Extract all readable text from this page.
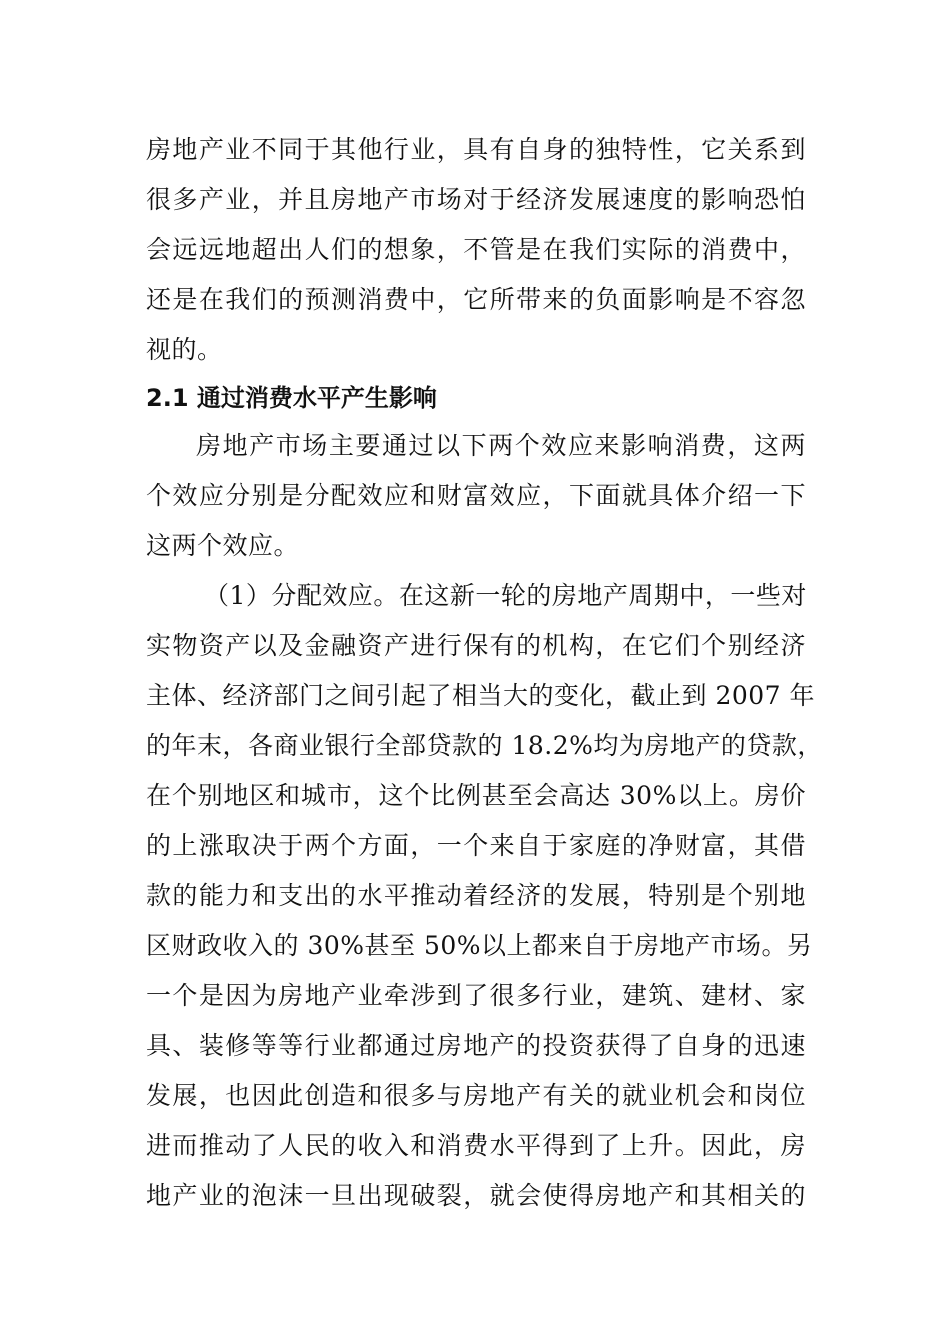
房地产业不同于其他行业，具有自身的独特性，它关系到
很多产业，并且房地产市场对于经济发展速度的影响恐怕
会远远地超出人们的想象，不管是在我们实际的消费中，
还是在我们的预测消费中，它所带来的负面影响是不容忽
视的。
2.1 通过消费水平产生影响
房地产市场主要通过以下两个效应来影响消费，这两
个效应分别是分配效应和财富效应，下面就具体介绍一下
这两个效应。
（1）分配效应。在这新一轮的房地产周期中，一些对
实物资产以及金融资产进行保有的机构，在它们个别经济
主体、经济部门之间引起了相当大的变化，截止到 2007 年
的年末，各商业银行全部贷款的 18.2%均为房地产的贷款，
在个别地区和城市，这个比例甚至会高达 30%以上。房价
的上涨取决于两个方面，一个来自于家庭的净财富，其借
款的能力和支出的水平推动着经济的发展，特别是个别地
区财政收入的 30%甚至 50%以上都来自于房地产市场。另
一个是因为房地产业牵涉到了很多行业，建筑、建材、家
具、装修等等行业都通过房地产的投资获得了自身的迅速
发展，也因此创造和很多与房地产有关的就业机会和岗位
进而推动了人民的收入和消费水平得到了上升。因此，房
地产业的泡沫一旦出现破裂，就会使得房地产和其相关的
